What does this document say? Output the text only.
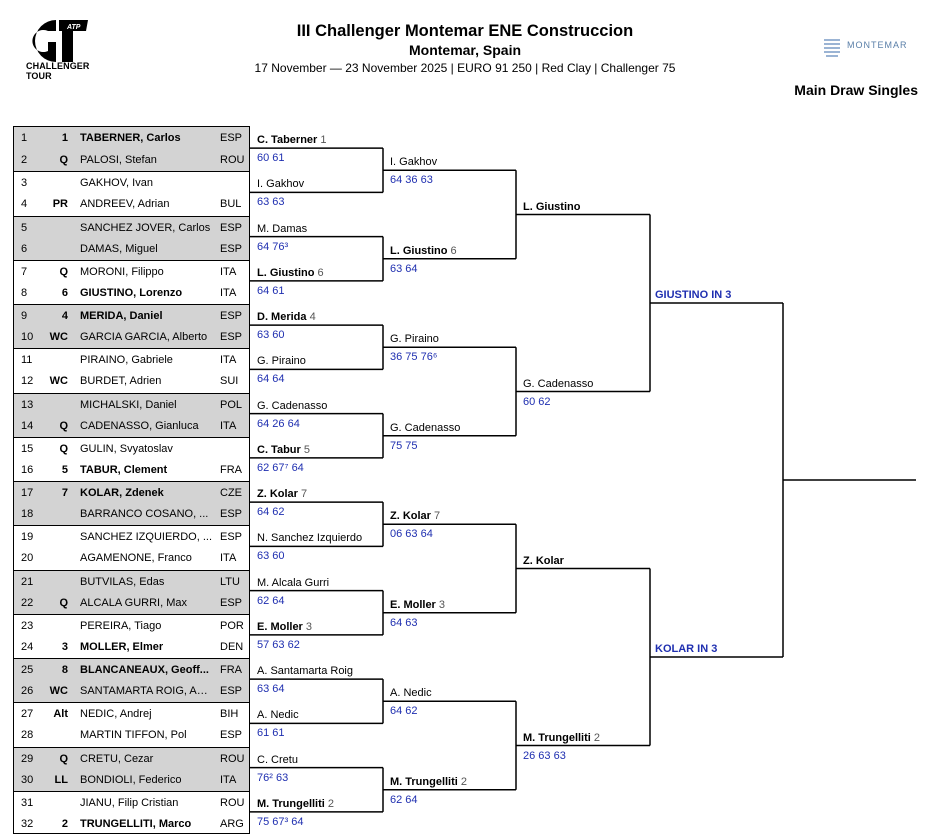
ATP
CHALLENGER
TOUR
III Challenger Montemar ENE Construccion
Montemar, Spain
17 November — 23 November 2025 | EURO 91 250 | Red Clay | Challenger 75
MONTEMAR
Main Draw Singles
1	1 TABERNER, Carlos	ESP
2	Q PALOSI, Stefan	ROU
3	GAKHOV, Ivan
4	PR ANDREEV, Adrian	BUL
5	SANCHEZ JOVER, Carlos ESP
6	DAMAS, Miguel	ESP
7	Q MORONI, Filippo	ITA
8	6 GIUSTINO, Lorenzo	ITA
9	4 MERIDA, Daniel	ESP
10	WC GARCIA GARCIA, Alberto	ESP
11	PIRAINO, Gabriele	ITA
12	WC BURDET, Adrien	SUI
13	MICHALSKI, Daniel	POL
14	Q CADENASSO, Gianluca	ITA
15	Q GULIN, Svyatoslav
16	5 TABUR, Clement	FRA
17	7 KOLAR, Zdenek	CZE
18	BARRANCO COSANO, ...	ESP
19	SANCHEZ IZQUIERDO, ... ESP
20	AGAMENONE, Franco	ITA
21	BUTVILAS, Edas	LTU
22	Q ALCALA GURRI, Max	ESP
23	PEREIRA, Tiago	POR
24	3 MOLLER, Elmer	DEN
25	8 BLANCANEAUX, Geoff... FRA
26	WC SANTAMARTA ROIG, An...	ESP
27	Alt NEDIC, Andrej	BIH
28	MARTIN TIFFON, Pol	ESP
29	Q CRETU, Cezar	ROU
30	LL BONDIOLI, Federico	ITA
31	JIANU, Filip Cristian	ROU
32	2 TRUNGELLITI, Marco	ARG
C. Taberner 1
60 61
I. Gakhov
63 63
M. Damas
64 76³
L. Giustino 6
64 61
D. Merida 4
63 60
G. Piraino
64 64
G. Cadenasso
64 26 64
C. Tabur 5
62 67⁷ 64
Z. Kolar 7
64 62
N. Sanchez Izquierdo
63 60
M. Alcala Gurri
62 64
E. Moller 3
57 63 62
A. Santamarta Roig
63 64
A. Nedic
61 61
C. Cretu
76² 63
M. Trungelliti 2
75 67³ 64
I. Gakhov
64 36 63
L. Giustino 6
63 64
G. Piraino
36 75 76⁶
G. Cadenasso
75 75
Z. Kolar 7
06 63 64
E. Moller 3
64 63
A. Nedic
64 62
M. Trungelliti 2
62 64
L. Giustino
G. Cadenasso
60 62
Z. Kolar
M. Trungelliti 2
26 63 63
GIUSTINO IN 3
KOLAR IN 3
